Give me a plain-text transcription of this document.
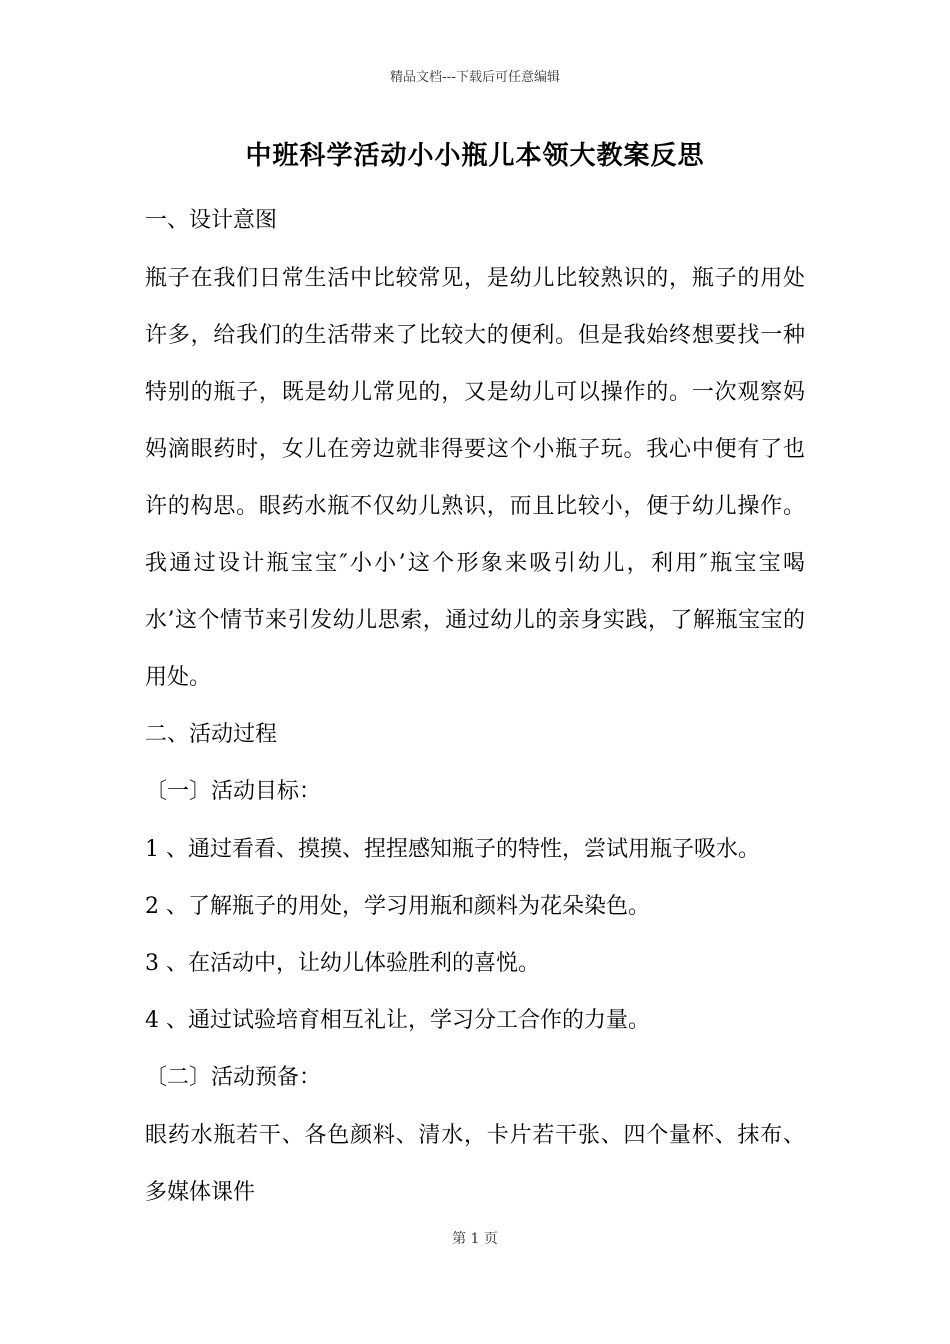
精品文档---下载后可任意编辑
中班科学活动小小瓶儿本领大教案反思
一、设计意图
瓶子在我们日常生活中比较常见，是幼儿比较熟识的，瓶子的用处
许多，给我们的生活带来了比较大的便利。但是我始终想要找一种
特别的瓶子，既是幼儿常见的，又是幼儿可以操作的。一次观察妈
妈滴眼药时，女儿在旁边就非得要这个小瓶子玩。我心中便有了也
许的构思。眼药水瓶不仅幼儿熟识，而且比较小，便于幼儿操作。
我通过设计瓶宝宝″小小’这个形象来吸引幼儿，利用″瓶宝宝喝
水’这个情节来引发幼儿思索，通过幼儿的亲身实践，了解瓶宝宝的
用处。
二、活动过程
〔一〕活动目标：
1 、通过看看、摸摸、捏捏感知瓶子的特性，尝试用瓶子吸水。
2 、了解瓶子的用处，学习用瓶和颜料为花朵染色。
3 、在活动中，让幼儿体验胜利的喜悦。
4 、通过试验培育相互礼让，学习分工合作的力量。
〔二〕活动预备：
眼药水瓶若干、各色颜料、清水，卡片若干张、四个量杯、抹布、
多媒体课件
第 1 页
